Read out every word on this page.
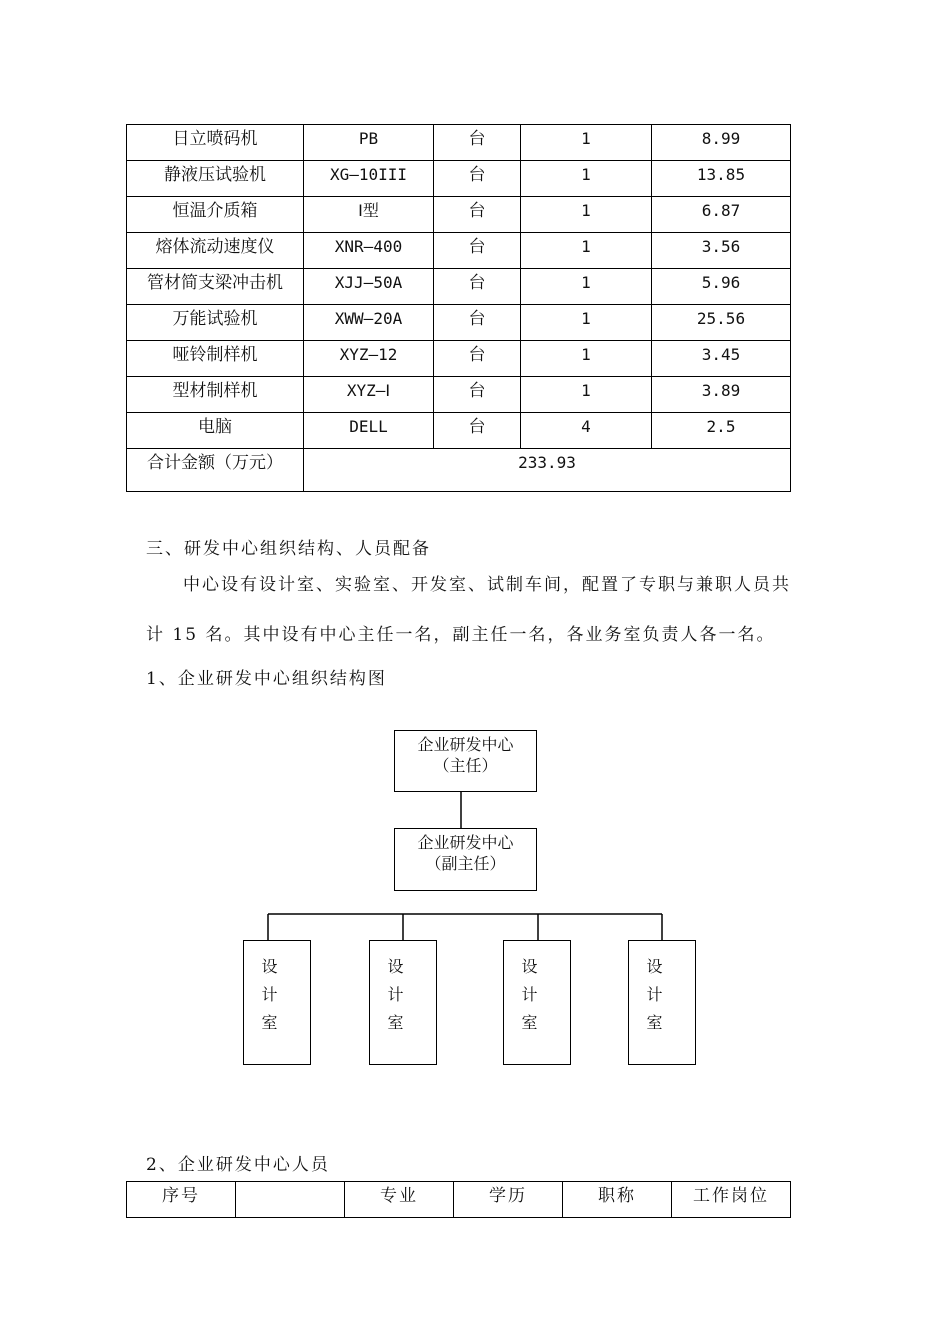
日立喷码机	PB	台	1	8.99
静液压试验机	XG—10III	台	1	13.85
恒温介质箱	Ⅰ型	台	1	6.87
熔体流动速度仪	XNR—400	台	1	3.56
管材简支梁冲击机	XJJ—50A	台	1	5.96
万能试验机	XWW—20A	台	1	25.56
哑铃制样机	XYZ—12	台	1	3.45
型材制样机	XYZ—Ⅰ	台	1	3.89
电脑	DELL	台	4	2.5
合计金额（万元）	233.93			
三、研发中心组织结构、人员配备
中心设有设计室、实验室、开发室、试制车间，配置了专职与兼职人员共
计 15 名。其中设有中心主任一名，副主任一名，各业务室负责人各一名。
1、企业研发中心组织结构图
企业研发中心
（主任）
企业研发中心
（副主任）
设计室	设计室	设计室	设计室
2、企业研发中心人员
序号		专业	学历	职称	工作岗位
